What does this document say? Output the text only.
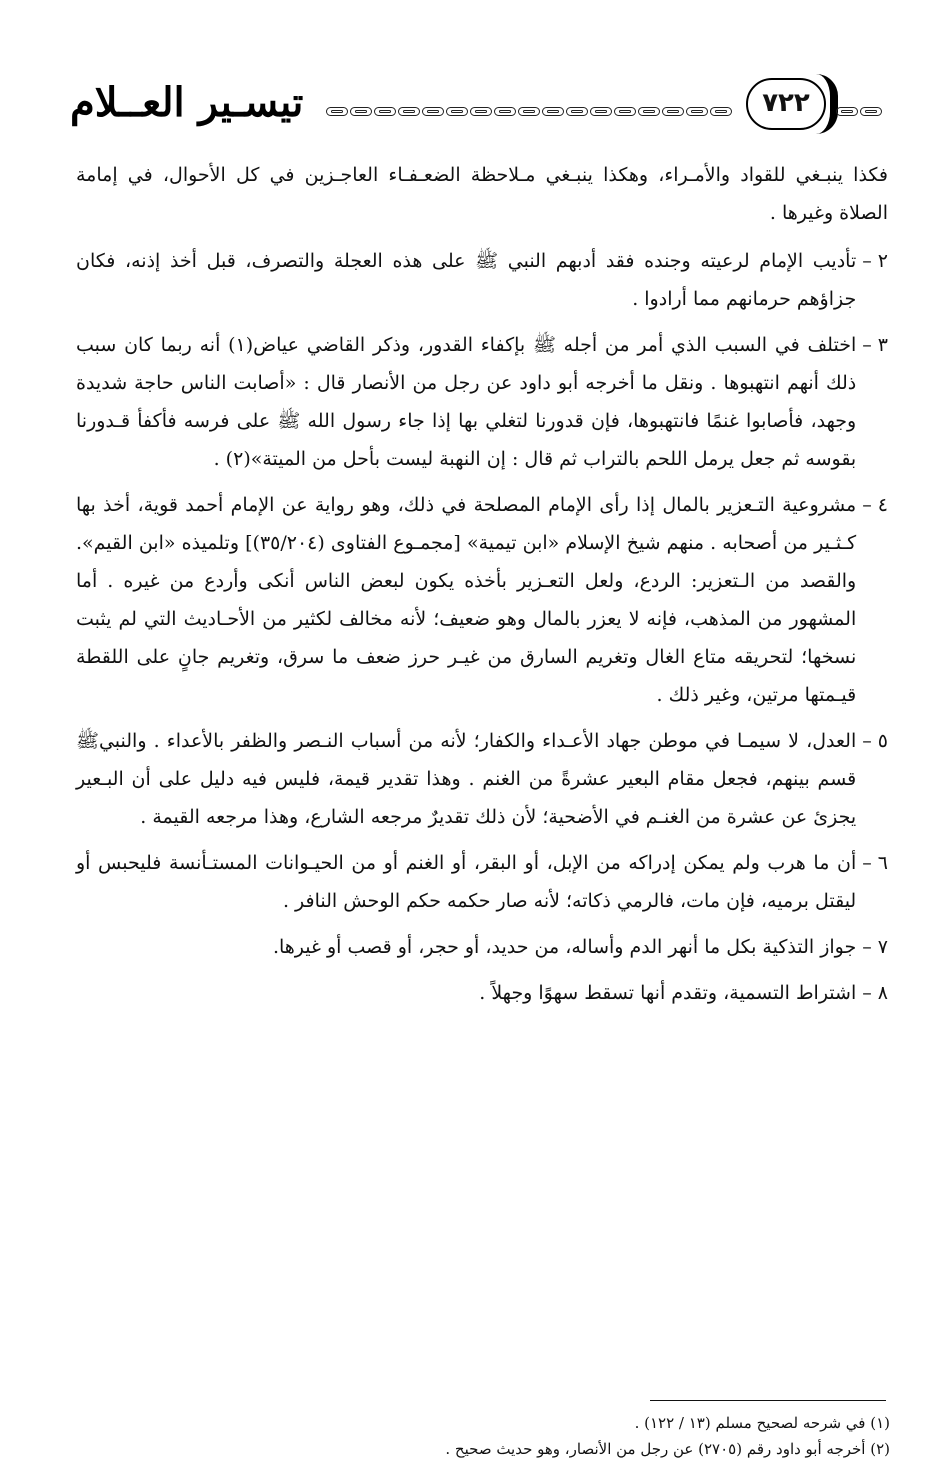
تيسـير العــلام	٧٢٢

فكذا ينبـغي للقواد والأمـراء، وهكذا ينبـغي مـلاحظة الضعـفـاء العاجـزين في كل الأحوال، في إمامة الصلاة وغيرها .

٢ –
تأديب الإمام لرعيته وجنده فقد أدبهم النبي ﷺ على هذه العجلة والتصرف، قبل أخذ إذنه، فكان جزاؤهم حرمانهم مما أرادوا .
٣ –
اختلف في السبب الذي أمر من أجله ﷺ بإكفاء القدور، وذكر القاضي عياض(١) أنه ربما كان سبب ذلك أنهم انتهبوها . ونقل ما أخرجه أبو داود عن رجل من الأنصار قال : «أصابت الناس حاجة شديدة وجهد، فأصابوا غنمًا فانتهبوها، فإن قدورنا لتغلي بها إذا جاء رسول الله ﷺ على فرسه فأكفأ قـدورنا بقوسه ثم جعل يرمل اللحم بالتراب ثم قال : إن النهبة ليست بأحل من الميتة»(٢) .
٤ –
مشروعية التـعزير بالمال إذا رأى الإمام المصلحة في ذلك، وهو رواية عن الإمام أحمد قوية، أخذ بها كـثـير من أصحابه . منهم شيخ الإسلام «ابن تيمية» [مجمـوع الفتاوى (٣٥/٢٠٤)] وتلميذه «ابن القيم». والقصد من الـتعزير: الردع، ولعل التعـزير بأخذه يكون لبعض الناس أنكى وأردع من غيره . أما المشهور من المذهب، فإنه لا يعزر بالمال وهو ضعيف؛ لأنه مخالف لكثير من الأحـاديث التي لم يثبت نسخها؛ لتحريقه متاع الغال وتغريم السارق من غيـر حرز ضعف ما سرق، وتغريم جانٍ على اللقطة قيـمتها مرتين، وغير ذلك .
٥ –
العدل، لا سيمـا في موطن جهاد الأعـداء والكفار؛ لأنه من أسباب النـصر والظفر بالأعداء . والنبيﷺ قسم بينهم، فجعل مقام البعير عشرةً من الغنم . وهذا تقدير قيمة، فليس فيه دليل على أن البـعير يجزئ عن عشرة من الغنـم في الأضحية؛ لأن ذلك تقديرٌ مرجعه الشارع، وهذا مرجعه القيمة .
٦ –
أن ما هرب ولم يمكن إدراكه من الإبل، أو البقر، أو الغنم أو من الحيـوانات المستـأنسة فليحبس أو ليقتل برميه، فإن مات، فالرمي ذكاته؛ لأنه صار حكمه حكم الوحش النافر .
٧ –
جواز التذكية بكل ما أنهر الدم وأساله، من حديد، أو حجر، أو قصب أو غيرها.
٨ –
اشتراط التسمية، وتقدم أنها تسقط سهوًا وجهلاً .

(١) في شرحه لصحيح مسلم (١٣ / ١٢٢) .

(٢) أخرجه أبو داود رقم (٢٧٠٥) عن رجل من الأنصار، وهو حديث صحيح .
